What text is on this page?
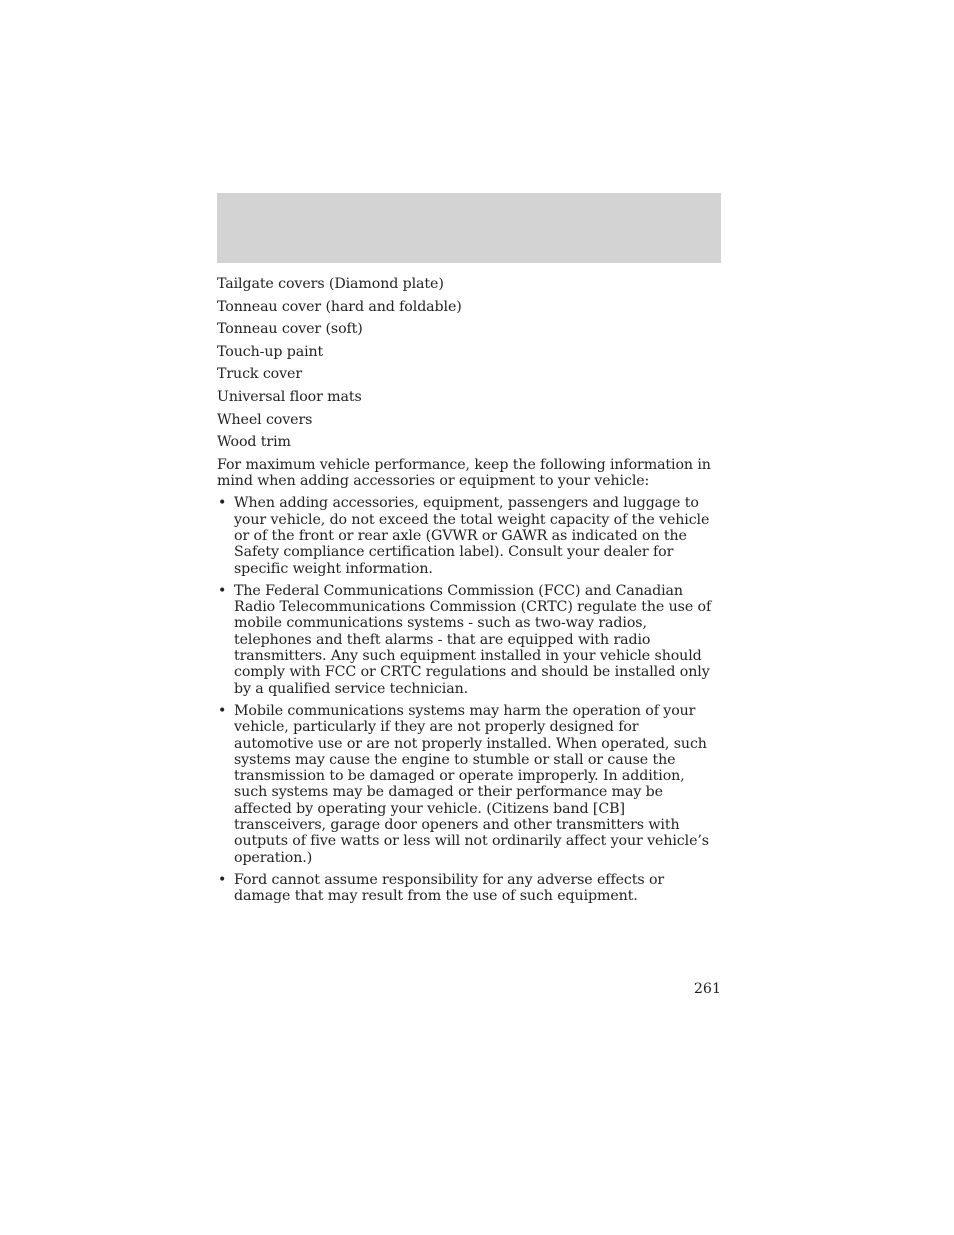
Tailgate covers (Diamond plate)
Tonneau cover (hard and foldable)
Tonneau cover (soft)
Touch-up paint
Truck cover
Universal floor mats
Wheel covers
Wood trim

For maximum vehicle performance, keep the following information in mind when adding accessories or equipment to your vehicle:

• When adding accessories, equipment, passengers and luggage to your vehicle, do not exceed the total weight capacity of the vehicle or of the front or rear axle (GVWR or GAWR as indicated on the Safety compliance certification label). Consult your dealer for specific weight information.
• The Federal Communications Commission (FCC) and Canadian Radio Telecommunications Commission (CRTC) regulate the use of mobile communications systems - such as two-way radios, telephones and theft alarms - that are equipped with radio transmitters. Any such equipment installed in your vehicle should comply with FCC or CRTC regulations and should be installed only by a qualified service technician.
• Mobile communications systems may harm the operation of your vehicle, particularly if they are not properly designed for automotive use or are not properly installed. When operated, such systems may cause the engine to stumble or stall or cause the transmission to be damaged or operate improperly. In addition, such systems may be damaged or their performance may be affected by operating your vehicle. (Citizens band [CB] transceivers, garage door openers and other transmitters with outputs of five watts or less will not ordinarily affect your vehicle’s operation.)
• Ford cannot assume responsibility for any adverse effects or damage that may result from the use of such equipment.
261
